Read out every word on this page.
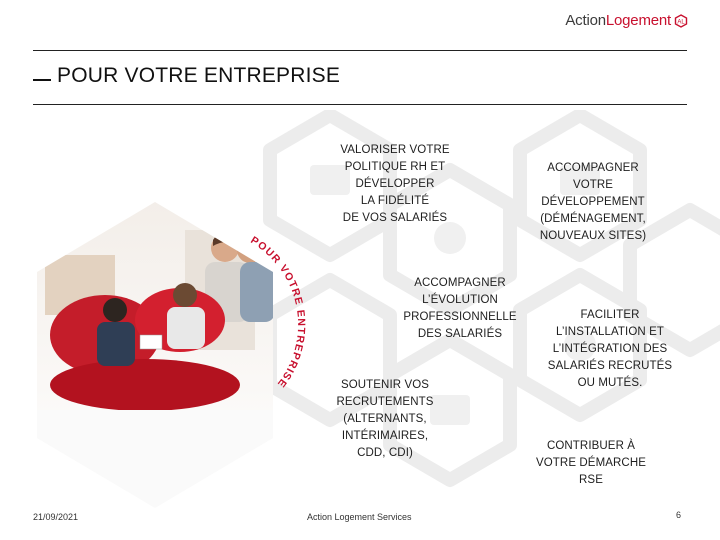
ActionLogement AL
POUR VOTRE ENTREPRISE
POUR VOTRE ENTREPRISE
VALORISER VOTRE
POLITIQUE RH ET
DÉVELOPPER
LA FIDÉLITÉ
DE VOS SALARIÉS
ACCOMPAGNER
VOTRE
DÉVELOPPEMENT
(DÉMÉNAGEMENT,
NOUVEAUX SITES)
ACCOMPAGNER
L’ÉVOLUTION
PROFESSIONNELLE
DES SALARIÉS
FACILITER
L’INSTALLATION ET
L’INTÉGRATION DES
SALARIÉS RECRUTÉS
OU MUTÉS.
SOUTENIR VOS
RECRUTEMENTS
(ALTERNANTS,
INTÉRIMAIRES,
CDD, CDI)
CONTRIBUER À
VOTRE DÉMARCHE
RSE
21/09/2021	Action Logement Services	6
